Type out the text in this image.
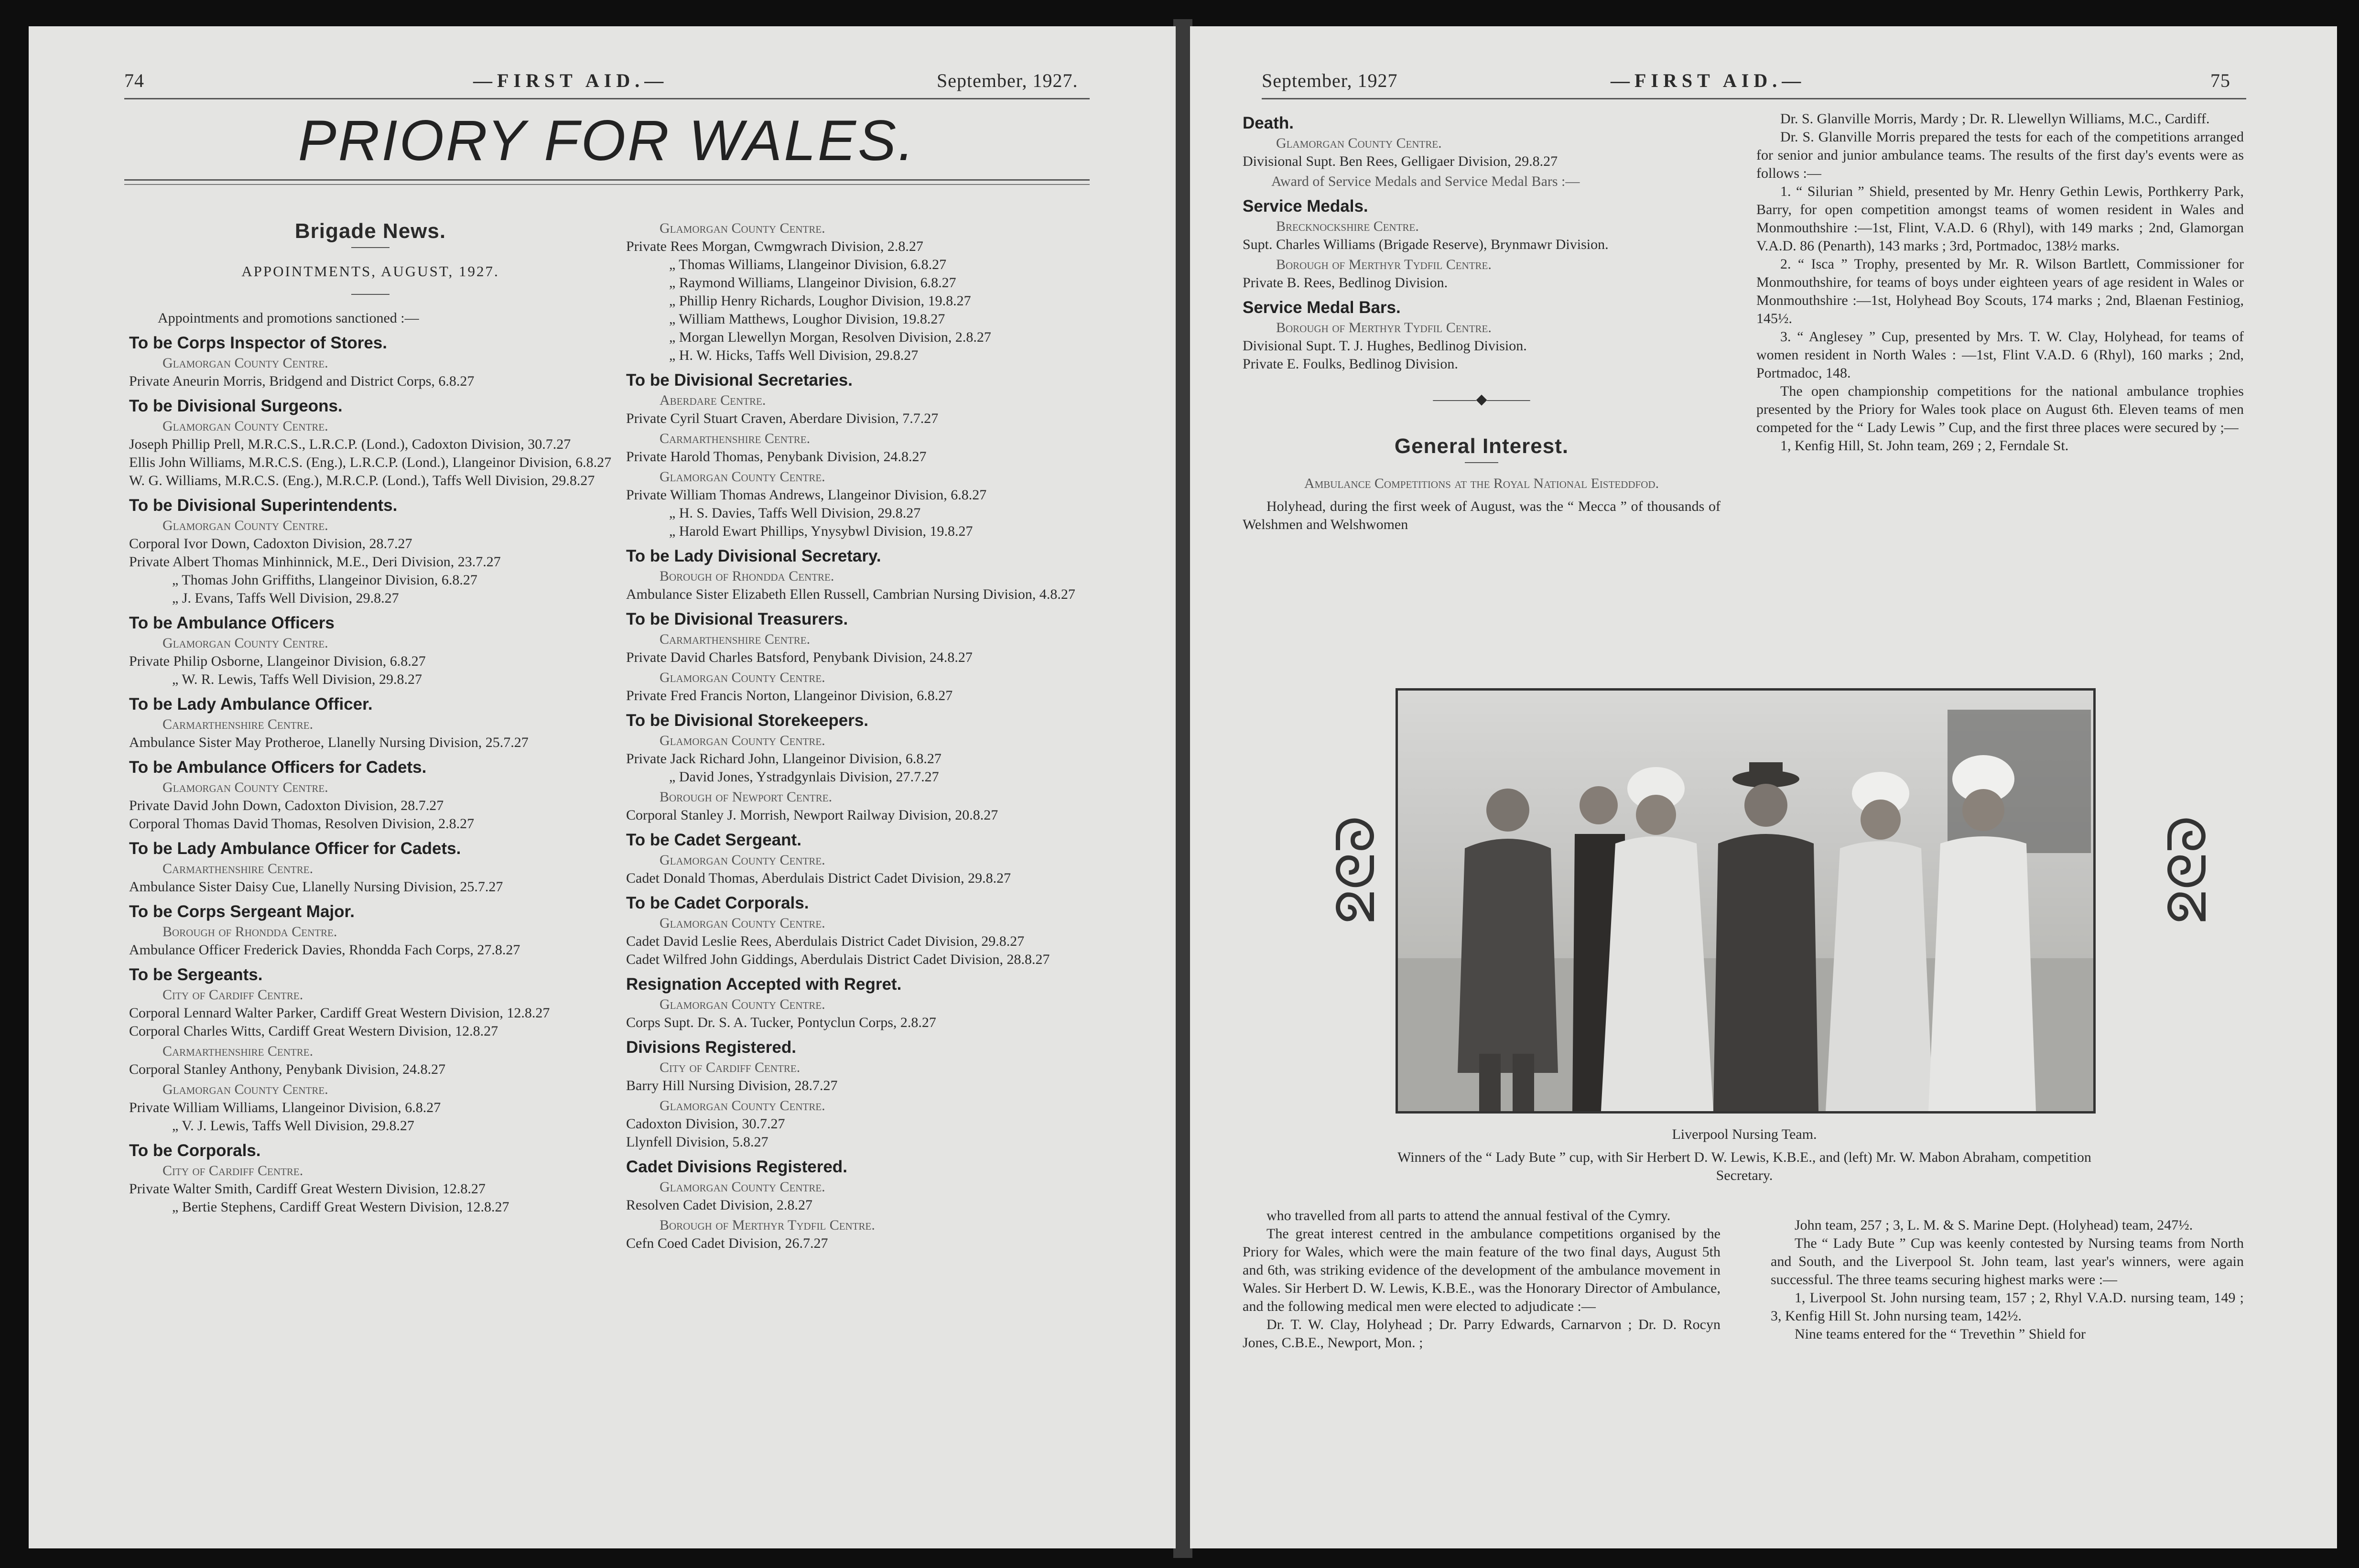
74	—FIRST AID.—	September, 1927.
PRIORY FOR WALES.

Brigade News.

APPOINTMENTS, AUGUST, 1927.

Appointments and promotions sanctioned :—

To be Corps Inspector of Stores.

Glamorgan County Centre.

Private Aneurin Morris, Bridgend and District Corps, 6.8.27

To be Divisional Surgeons.

Glamorgan County Centre.

Joseph Phillip Prell, M.R.C.S., L.R.C.P. (Lond.), Cadoxton Division, 30.7.27

Ellis John Williams, M.R.C.S. (Eng.), L.R.C.P. (Lond.), Llangeinor Division, 6.8.27

W. G. Williams, M.R.C.S. (Eng.), M.R.C.P. (Lond.), Taffs Well Division, 29.8.27

To be Divisional Superintendents.

Glamorgan County Centre.

Corporal Ivor Down, Cadoxton Division, 28.7.27

Private Albert Thomas Minhinnick, M.E., Deri Division, 23.7.27

„ Thomas John Griffiths, Llangeinor Division, 6.8.27

„ J. Evans, Taffs Well Division, 29.8.27

To be Ambulance Officers

Glamorgan County Centre.

Private Philip Osborne, Llangeinor Division, 6.8.27

„ W. R. Lewis, Taffs Well Division, 29.8.27

To be Lady Ambulance Officer.

Carmarthenshire Centre.

Ambulance Sister May Protheroe, Llanelly Nursing Division, 25.7.27

To be Ambulance Officers for Cadets.

Glamorgan County Centre.

Private David John Down, Cadoxton Division, 28.7.27

Corporal Thomas David Thomas, Resolven Division, 2.8.27

To be Lady Ambulance Officer for Cadets.

Carmarthenshire Centre.

Ambulance Sister Daisy Cue, Llanelly Nursing Division, 25.7.27

To be Corps Sergeant Major.

Borough of Rhondda Centre.

Ambulance Officer Frederick Davies, Rhondda Fach Corps, 27.8.27

To be Sergeants.

City of Cardiff Centre.

Corporal Lennard Walter Parker, Cardiff Great Western Division, 12.8.27

Corporal Charles Witts, Cardiff Great Western Division, 12.8.27

Carmarthenshire Centre.

Corporal Stanley Anthony, Penybank Division, 24.8.27

Glamorgan County Centre.

Private William Williams, Llangeinor Division, 6.8.27

„ V. J. Lewis, Taffs Well Division, 29.8.27

To be Corporals.

City of Cardiff Centre.

Private Walter Smith, Cardiff Great Western Division, 12.8.27

„ Bertie Stephens, Cardiff Great Western Division, 12.8.27

Glamorgan County Centre.

Private Rees Morgan, Cwmgwrach Division, 2.8.27

„ Thomas Williams, Llangeinor Division, 6.8.27

„ Raymond Williams, Llangeinor Division, 6.8.27

„ Phillip Henry Richards, Loughor Division, 19.8.27

„ William Matthews, Loughor Division, 19.8.27

„ Morgan Llewellyn Morgan, Resolven Division, 2.8.27

„ H. W. Hicks, Taffs Well Division, 29.8.27

To be Divisional Secretaries.

Aberdare Centre.

Private Cyril Stuart Craven, Aberdare Division, 7.7.27

Carmarthenshire Centre.

Private Harold Thomas, Penybank Division, 24.8.27

Glamorgan County Centre.

Private William Thomas Andrews, Llangeinor Division, 6.8.27

„ H. S. Davies, Taffs Well Division, 29.8.27

„ Harold Ewart Phillips, Ynysybwl Division, 19.8.27

To be Lady Divisional Secretary.

Borough of Rhondda Centre.

Ambulance Sister Elizabeth Ellen Russell, Cambrian Nursing Division, 4.8.27

To be Divisional Treasurers.

Carmarthenshire Centre.

Private David Charles Batsford, Penybank Division, 24.8.27

Glamorgan County Centre.

Private Fred Francis Norton, Llangeinor Division, 6.8.27

To be Divisional Storekeepers.

Glamorgan County Centre.

Private Jack Richard John, Llangeinor Division, 6.8.27

„ David Jones, Ystradgynlais Division, 27.7.27

Borough of Newport Centre.

Corporal Stanley J. Morrish, Newport Railway Division, 20.8.27

To be Cadet Sergeant.

Glamorgan County Centre.

Cadet Donald Thomas, Aberdulais District Cadet Division, 29.8.27

To be Cadet Corporals.

Glamorgan County Centre.

Cadet David Leslie Rees, Aberdulais District Cadet Division, 29.8.27

Cadet Wilfred John Giddings, Aberdulais District Cadet Division, 28.8.27

Resignation Accepted with Regret.

Glamorgan County Centre.

Corps Supt. Dr. S. A. Tucker, Pontyclun Corps, 2.8.27

Divisions Registered.

City of Cardiff Centre.

Barry Hill Nursing Division, 28.7.27

Glamorgan County Centre.

Cadoxton Division, 30.7.27

Llynfell Division, 5.8.27

Cadet Divisions Registered.

Glamorgan County Centre.

Resolven Cadet Division, 2.8.27

Borough of Merthyr Tydfil Centre.

Cefn Coed Cadet Division, 26.7.27

September, 1927	—FIRST AID.—	75

Death.

Glamorgan County Centre.

Divisional Supt. Ben Rees, Gelligaer Division, 29.8.27

Award of Service Medals and Service Medal Bars :—

Service Medals.

Brecknockshire Centre.

Supt. Charles Williams (Brigade Reserve), Brynmawr Division.

Borough of Merthyr Tydfil Centre.

Private B. Rees, Bedlinog Division.

Service Medal Bars.

Borough of Merthyr Tydfil Centre.

Divisional Supt. T. J. Hughes, Bedlinog Division.

Private E. Foulks, Bedlinog Division.

―――◆―――

General Interest.

Ambulance Competitions at the Royal National Eisteddfod.

Holyhead, during the first week of August, was the “ Mecca ” of thousands of Welshmen and Welshwomen

Dr. S. Glanville Morris, Mardy ; Dr. R. Llewellyn Williams, M.C., Cardiff.

Dr. S. Glanville Morris prepared the tests for each of the competitions arranged for senior and junior ambulance teams. The results of the first day's events were as follows :—

1. “ Silurian ” Shield, presented by Mr. Henry Gethin Lewis, Porthkerry Park, Barry, for open competition amongst teams of women resident in Wales and Monmouthshire :—1st, Flint, V.A.D. 6 (Rhyl), with 149 marks ; 2nd, Glamorgan V.A.D. 86 (Penarth), 143 marks ; 3rd, Portmadoc, 138½ marks.

2. “ Isca ” Trophy, presented by Mr. R. Wilson Bartlett, Commissioner for Monmouthshire, for teams of boys under eighteen years of age resident in Wales or Monmouthshire :—1st, Holyhead Boy Scouts, 174 marks ; 2nd, Blaenan Festiniog, 145½.

3. “ Anglesey ” Cup, presented by Mrs. T. W. Clay, Holyhead, for teams of women resident in North Wales : —1st, Flint V.A.D. 6 (Rhyl), 160 marks ; 2nd, Portmadoc, 148.

The open championship competitions for the national ambulance trophies presented by the Priory for Wales took place on August 6th. Eleven teams of men competed for the “ Lady Lewis ” Cup, and the first three places were secured by ;—

1, Kenfig Hill, St. John team, 269 ; 2, Ferndale St.

ᘓᘐᘔ	ᘓᘐᘔ
Liverpool Nursing Team.
Winners of the “ Lady Bute ” cup, with Sir Herbert D. W. Lewis, K.B.E., and (left) Mr. W. Mabon Abraham, competition Secretary.

who travelled from all parts to attend the annual festival of the Cymry.

The great interest centred in the ambulance competitions organised by the Priory for Wales, which were the main feature of the two final days, August 5th and 6th, was striking evidence of the development of the ambulance movement in Wales. Sir Herbert D. W. Lewis, K.B.E., was the Honorary Director of Ambulance, and the following medical men were elected to adjudicate :—

Dr. T. W. Clay, Holyhead ; Dr. Parry Edwards, Carnarvon ; Dr. D. Rocyn Jones, C.B.E., Newport, Mon. ;

John team, 257 ; 3, L. M. & S. Marine Dept. (Holyhead) team, 247½.

The “ Lady Bute ” Cup was keenly contested by Nursing teams from North and South, and the Liverpool St. John team, last year's winners, were again successful. The three teams securing highest marks were :—

1, Liverpool St. John nursing team, 157 ; 2, Rhyl V.A.D. nursing team, 149 ; 3, Kenfig Hill St. John nursing team, 142½.

Nine teams entered for the “ Trevethin ” Shield for
